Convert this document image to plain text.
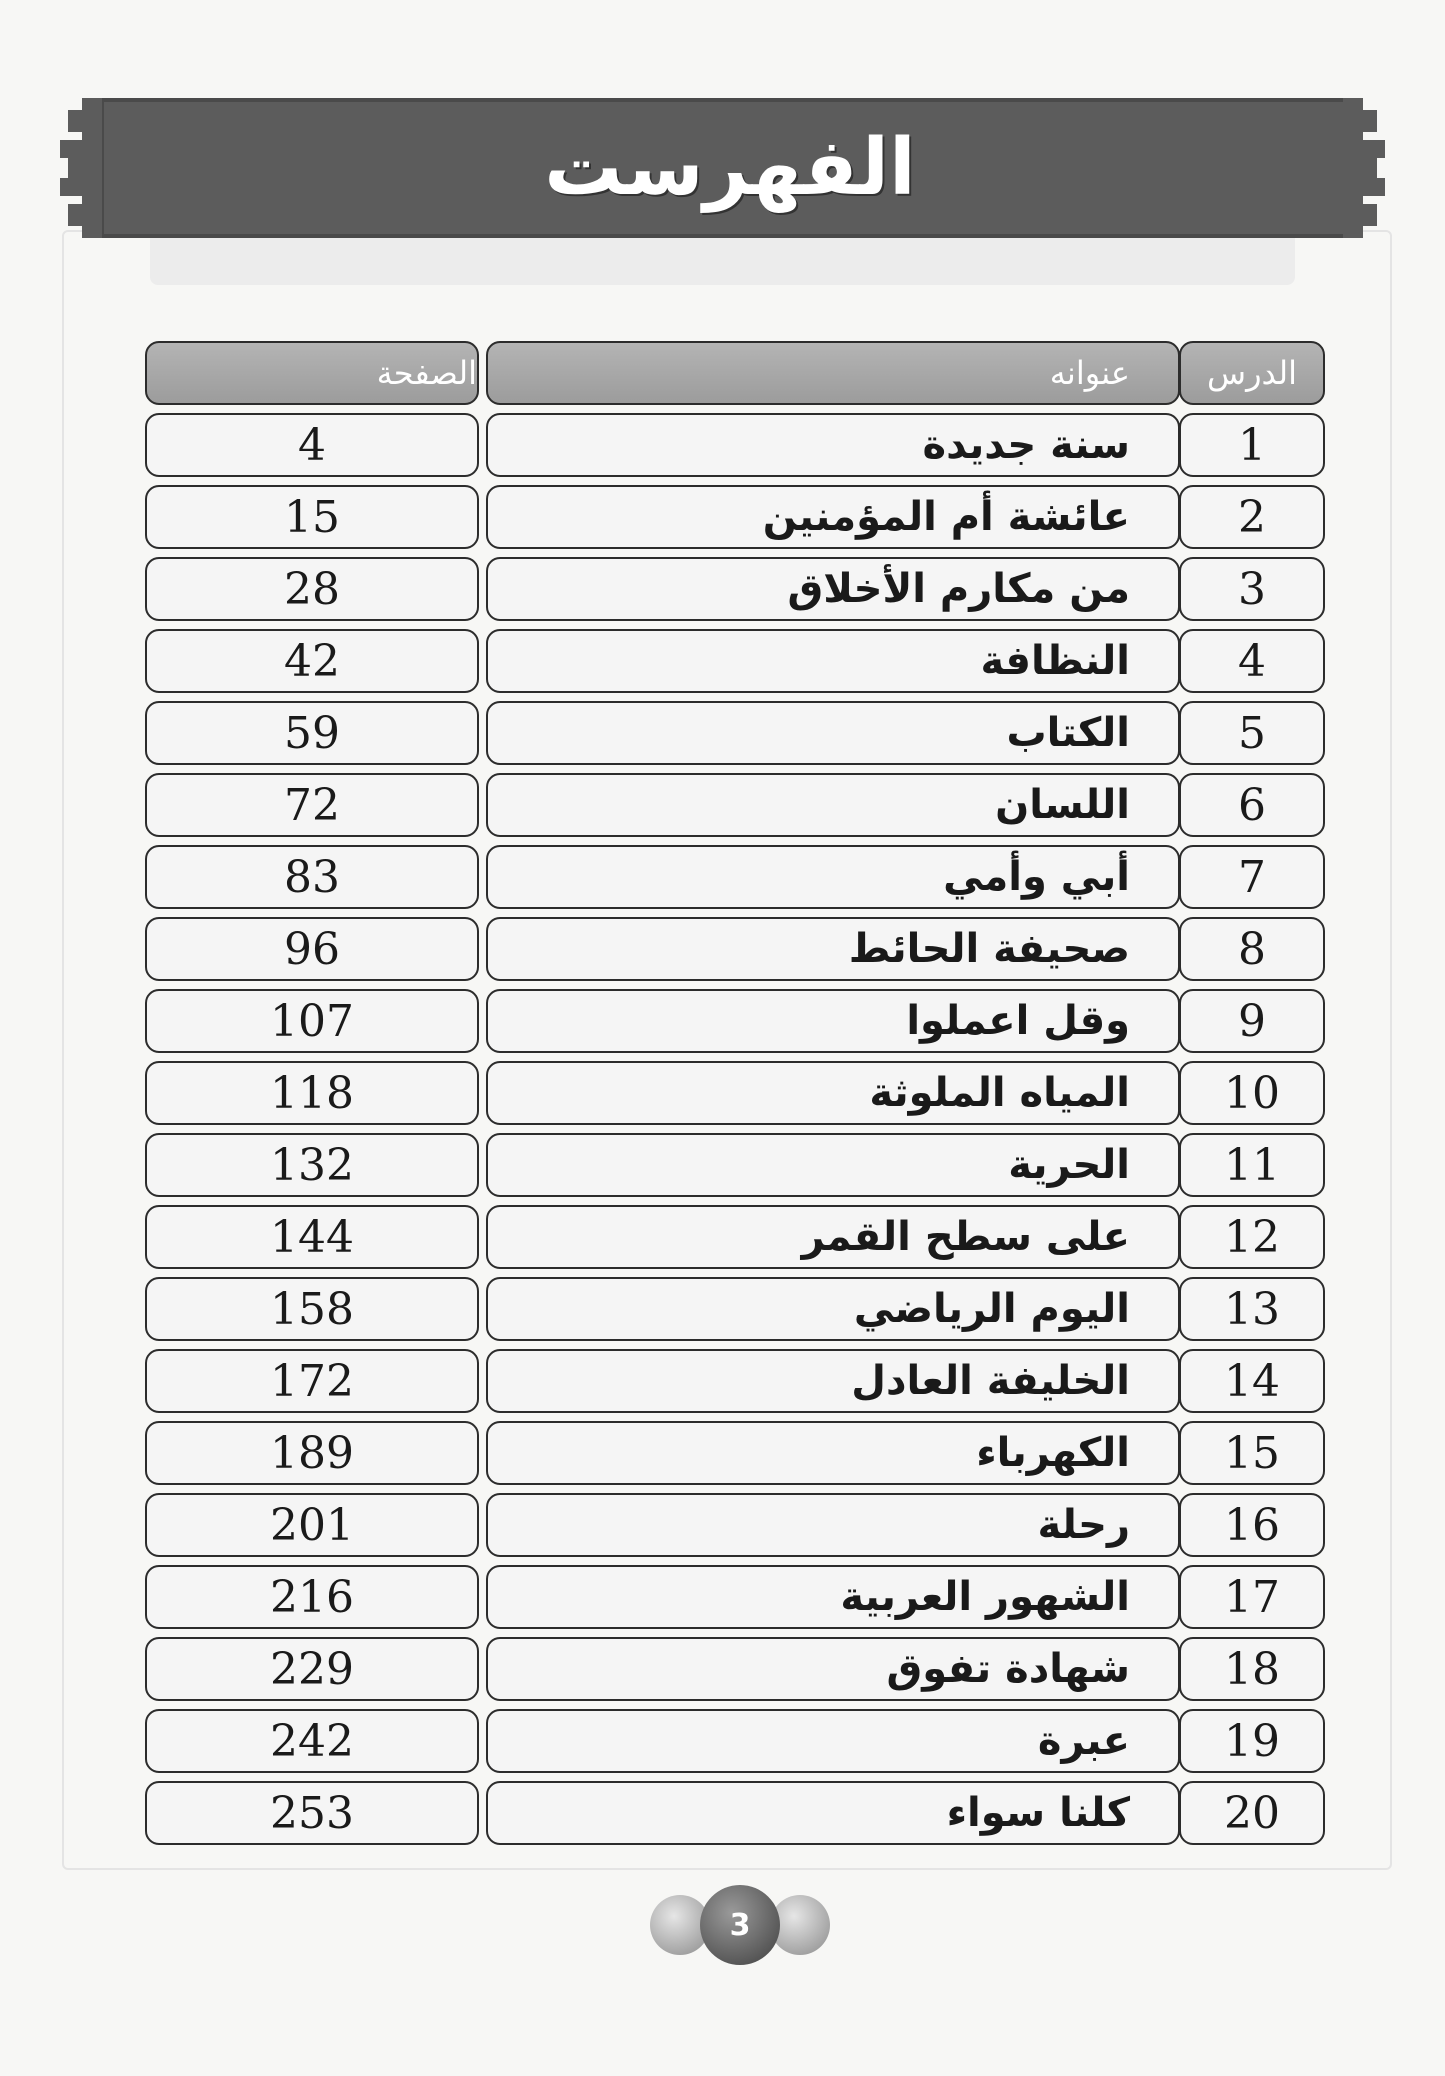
الفهرست
الصفحة	عنوانه	الدرس
4	سنة جديدة	1
15	عائشة أم المؤمنين	2
28	من مكارم الأخلاق	3
42	النظافة	4
59	الكتاب	5
72	اللسان	6
83	أبي وأمي	7
96	صحيفة الحائط	8
107	وقل اعملوا	9
118	المياه الملوثة	10
132	الحرية	11
144	على سطح القمر	12
158	اليوم الرياضي	13
172	الخليفة العادل	14
189	الكهرباء	15
201	رحلة	16
216	الشهور العربية	17
229	شهادة تفوق	18
242	عبرة	19
253	كلنا سواء	20
3
